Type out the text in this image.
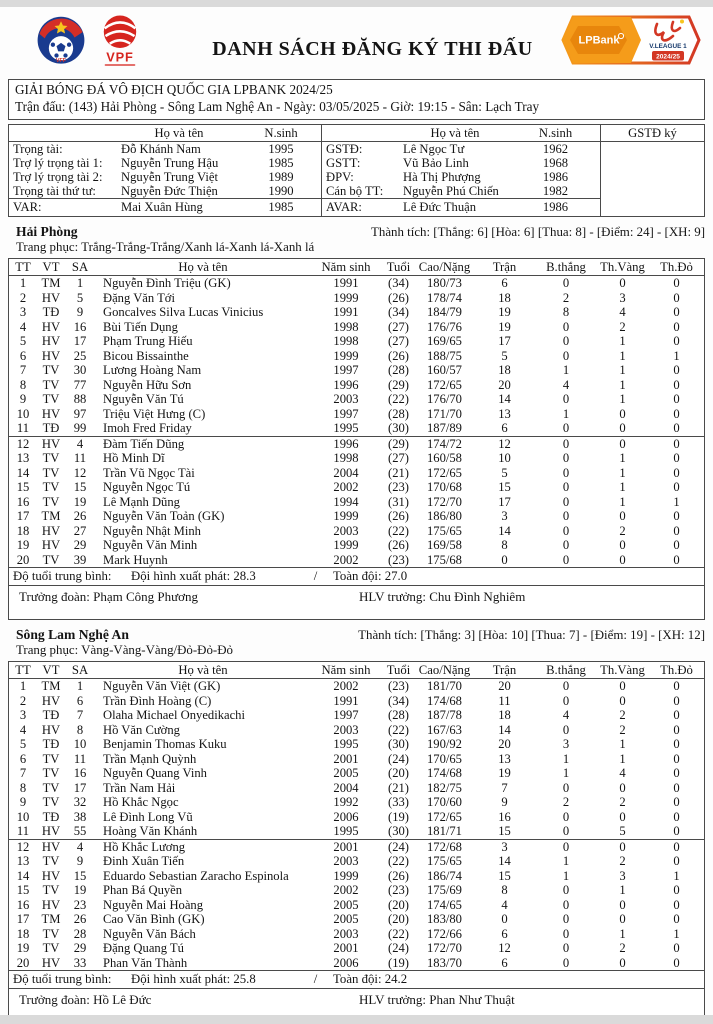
VFF	VPF	DANH SÁCH ĐĂNG KÝ THI ĐẤU	LPBank	V.LEAGUE 1
2024/25
GIẢI BÓNG ĐÁ VÔ ĐỊCH QUỐC GIA LPBANK 2024/25
Trận đấu: (143) Hải Phòng - Sông Lam Nghệ An - Ngày: 03/05/2025 - Giờ: 19:15 - Sân: Lạch Tray
Họ và tên	N.sinh	Họ và tên	N.sinh
Trọng tài:	Đỗ Khánh Nam	1995	GSTĐ:	Lê Ngọc Tư	1962
Trợ lý trọng tài 1:	Nguyễn Trung Hậu	1985	GSTT:	Vũ Bảo Linh	1968
Trợ lý trọng tài 2:	Nguyễn Trung Việt	1989	ĐPV:	Hà Thị Phượng	1986
Trọng tài thứ tư:	Nguyễn Đức Thiện	1990	Cán bộ TT:	Nguyễn Phú Chiến	1982
VAR:	Mai Xuân Hùng	1985	AVAR:	Lê Đức Thuận	1986
GSTĐ ký
Hải Phòng	Thành tích: [Thắng: 6] [Hòa: 6] [Thua: 8] - [Điểm: 24] - [XH: 9]
Trang phục: Trắng-Trắng-Trắng/Xanh lá-Xanh lá-Xanh lá
TT VT SA	Họ và tên	Năm sinh	Tuổi Cao/Nặng	Trận	B.thắng	Th.Vàng	Th.Đỏ
1	TM	1	Nguyễn Đình Triệu (GK)	1991	(34)	180/73	6	0	0	0
2	HV	5	Đặng Văn Tới	1999	(26)	178/74	18	2	3	0
3	TĐ	9	Goncalves Silva Lucas Vinicius	1991	(34)	184/79	19	8	4	0
4	HV	16	Bùi Tiến Dụng	1998	(27)	176/76	19	0	2	0
5	HV	17	Phạm Trung Hiếu	1998	(27)	169/65	17	0	1	0
6	HV	25	Bicou Bissainthe	1999	(26)	188/75	5	0	1	1
7	TV	30	Lương Hoàng Nam	1997	(28)	160/57	18	1	1	0
8	TV	77	Nguyễn Hữu Sơn	1996	(29)	172/65	20	4	1	0
9	TV	88	Nguyễn Văn Tú	2003	(22)	176/70	14	0	1	0
10 HV	97	Triệu Việt Hưng (C)	1997	(28)	171/70	13	1	0	0
11	TĐ	99	Imoh Fred Friday	1995	(30)	187/89	6	0	0	0
12 HV	4	Đàm Tiến Dũng	1996	(29)	174/72	12	0	0	0
13	TV	11	Hồ Minh Dĩ	1998	(27)	160/58	10	0	1	0
14	TV	12	Trần Vũ Ngọc Tài	2004	(21)	172/65	5	0	1	0
15	TV	15	Nguyễn Ngọc Tú	2002	(23)	170/68	15	0	1	0
16	TV	19	Lê Mạnh Dũng	1994	(31)	172/70	17	0	1	1
17 TM	26	Nguyễn Văn Toản (GK)	1999	(26)	186/80	3	0	0	0
18 HV	27	Nguyễn Nhật Minh	2003	(22)	175/65	14	0	2	0
19 HV	29	Nguyễn Văn Minh	1999	(26)	169/58	8	0	0	0
20	TV	39	Mark Huynh	2002	(23)	175/68	0	0	0	0
Độ tuổi trung bình:	Đội hình xuất phát: 28.3	/	Toàn đội: 27.0
Trưởng đoàn: Phạm Công Phương	HLV trưởng: Chu Đình Nghiêm
Sông Lam Nghệ An	Thành tích: [Thắng: 3] [Hòa: 10] [Thua: 7] - [Điểm: 19] - [XH: 12]
Trang phục: Vàng-Vàng-Vàng/Đỏ-Đỏ-Đỏ
TT VT SA	Họ và tên	Năm sinh	Tuổi Cao/Nặng	Trận	B.thắng	Th.Vàng	Th.Đỏ
1	TM	1	Nguyễn Văn Việt (GK)	2002	(23)	181/70	20	0	0	0
2	HV	6	Trần Đình Hoàng (C)	1991	(34)	174/68	11	0	0	0
3	TĐ	7	Olaha Michael Onyedikachi	1997	(28)	187/78	18	4	2	0
4	HV	8	Hồ Văn Cường	2003	(22)	167/63	14	0	2	0
5	TĐ	10	Benjamin Thomas Kuku	1995	(30)	190/92	20	3	1	0
6	TV	11	Trần Mạnh Quỳnh	2001	(24)	170/65	13	1	1	0
7	TV	16	Nguyễn Quang Vinh	2005	(20)	174/68	19	1	4	0
8	TV	17	Trần Nam Hải	2004	(21)	182/75	7	0	0	0
9	TV	32	Hồ Khắc Ngọc	1992	(33)	170/60	9	2	2	0
10	TĐ	38	Lê Đình Long Vũ	2006	(19)	172/65	16	0	0	0
11	HV	55	Hoàng Văn Khánh	1995	(30)	181/71	15	0	5	0
12 HV	4	Hồ Khắc Lương	2001	(24)	172/68	3	0	0	0
13	TV	9	Đinh Xuân Tiến	2003	(22)	175/65	14	1	2	0
14 HV	15	Eduardo Sebastian Zaracho Espinola	1999	(26)	186/74	15	1	3	1
15	TV	19	Phan Bá Quyền	2002	(23)	175/69	8	0	1	0
16 HV	23	Nguyễn Mai Hoàng	2005	(20)	174/65	4	0	0	0
17 TM	26	Cao Văn Bình (GK)	2005	(20)	183/80	0	0	0	0
18	TV	28	Nguyễn Văn Bách	2003	(22)	172/66	6	0	1	1
19	TV	29	Đặng Quang Tú	2001	(24)	172/70	12	0	2	0
20 HV	33	Phan Văn Thành	2006	(19)	183/70	6	0	0	0
Độ tuổi trung bình:	Đội hình xuất phát: 25.8	/	Toàn đội: 24.2
Trưởng đoàn: Hồ Lê Đức	HLV trưởng: Phan Như Thuật
